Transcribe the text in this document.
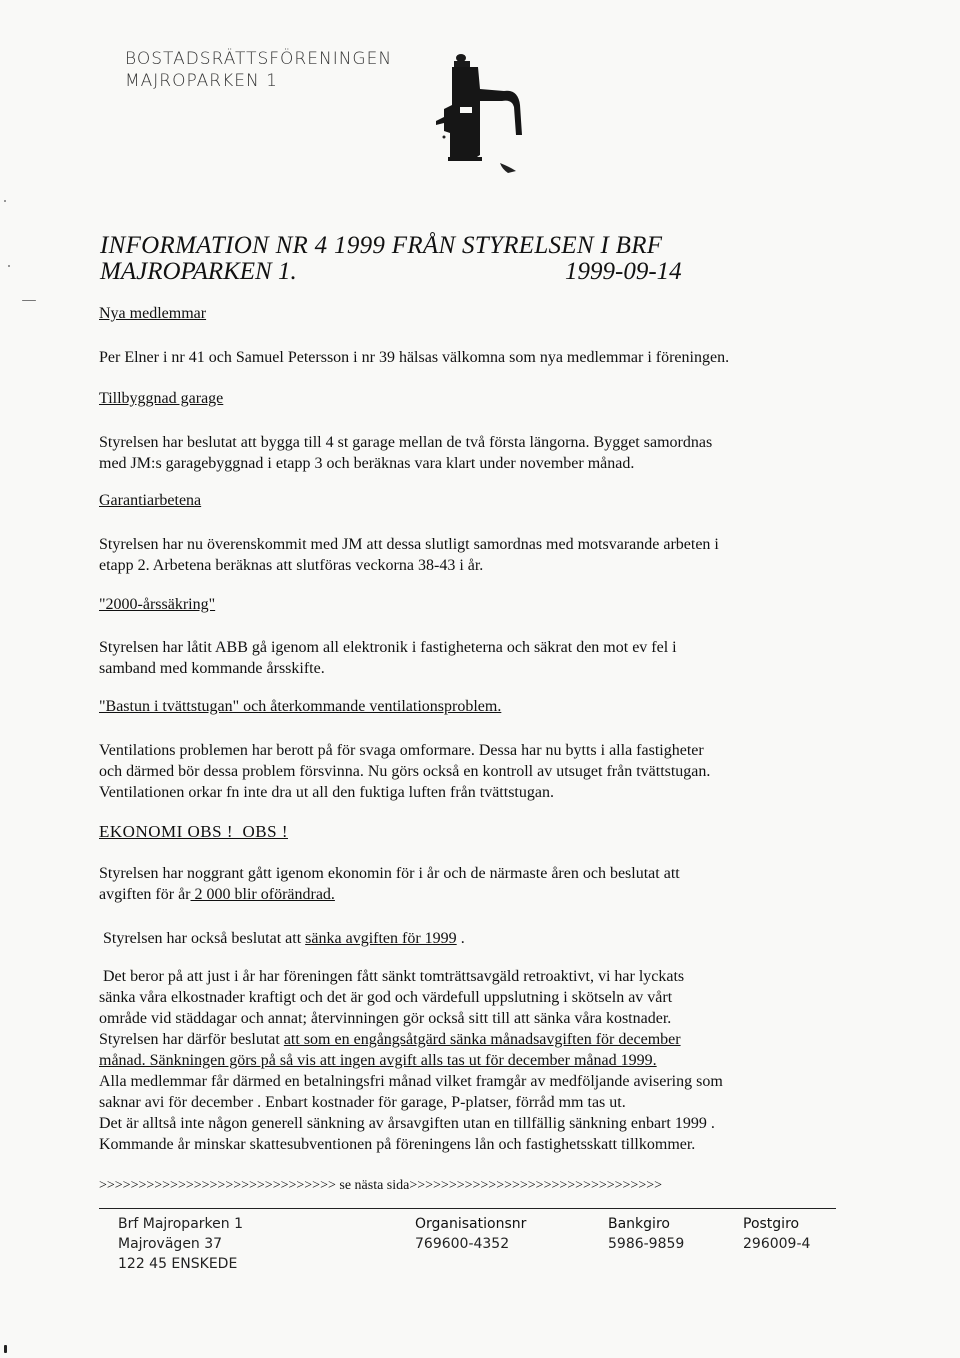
BOSTADSRÄTTSFÖRENINGEN
MAJROPARKEN 1
INFORMATION NR 4 1999 FRÅN STYRELSEN I BRF
MAJROPARKEN 1.	1999-09-14
Nya medlemmar
Per Elner i nr 41 och Samuel Petersson i nr 39 hälsas välkomna som nya medlemmar i föreningen.
Tillbyggnad garage

Styrelsen har beslutat att bygga till 4 st garage mellan de två första längorna. Bygget samordnas

med JM:s garagebyggnad i etapp 3 och beräknas vara klart under november månad.

Garantiarbetena

Styrelsen har nu överenskommit med JM att dessa slutligt samordnas med motsvarande arbeten i

etapp 2. Arbetena beräknas att slutföras veckorna 38-43 i år.

"2000-årssäkring"

Styrelsen har låtit ABB gå igenom all elektronik i fastigheterna och säkrat den mot ev fel i

samband med kommande årsskifte.

"Bastun i tvättstugan" och återkommande ventilationsproblem.

Ventilations problemen har berott på för svaga omformare. Dessa har nu bytts i alla fastigheter

och därmed bör dessa problem försvinna. Nu görs också en kontroll av utsuget från tvättstugan.

Ventilationen orkar fn inte dra ut all den fuktiga luften från tvättstugan.

EKONOMI OBS !  OBS !

Styrelsen har noggrant gått igenom ekonomin för i år och de närmaste åren och beslutat att

avgiften för år 2 000 blir oförändrad.

Styrelsen har också beslutat att sänka avgiften för 1999 .

Det beror på att just i år har föreningen fått sänkt tomträttsavgäld retroaktivt, vi har lyckats

sänka våra elkostnader kraftigt och det är god och värdefull uppslutning i skötseln av vårt

område vid städdagar och annat; återvinningen gör också sitt till att sänka våra kostnader.

Styrelsen har därför beslutat att som en engångsåtgärd sänka månadsavgiften för december

månad. Sänkningen görs på så vis att ingen avgift alls tas ut för december månad 1999.

Alla medlemmar får därmed en betalningsfri månad vilket framgår av medföljande avisering som

saknar avi för december . Enbart kostnader för garage, P-platser, förråd mm tas ut.

Det är alltså inte någon generell sänkning av årsavgiften utan en tillfällig sänkning enbart 1999 .

Kommande år minskar skattesubventionen på föreningens lån och fastighetsskatt tillkommer.

>>>>>>>>>>>>>>>>>>>>>>>>>>>>>> se nästa sida>>>>>>>>>>>>>>>>>>>>>>>>>>>>>>>>
Brf Majroparken 1
Majrovägen 37
122 45 ENSKEDE
Organisationsnr
769600-4352
Bankgiro
5986-9859
Postgiro
296009-4
